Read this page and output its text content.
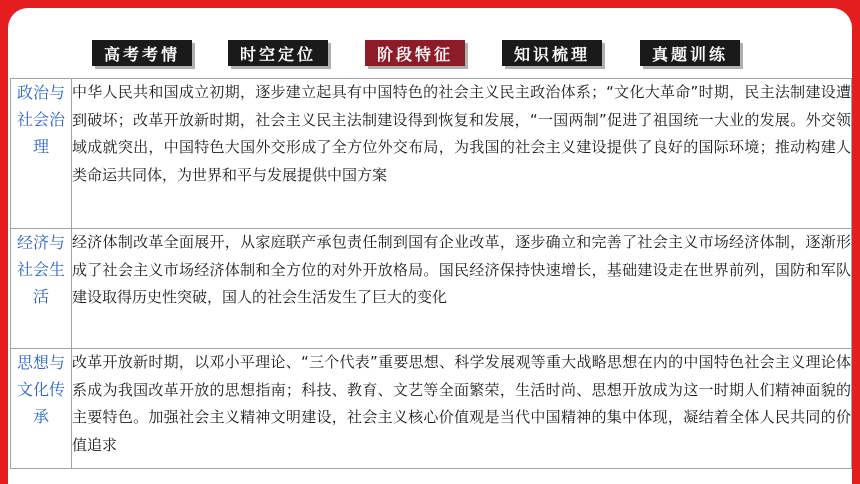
高考考情	时空定位	阶段特征	知识梳理	真题训练
政治与社会治理	中华人民共和国成立初期，逐步建立起具有中国特色的社会主义民主政治体系；“文化大革命”时期，民主法制建设遭到破坏；改革开放新时期，社会主义民主法制建设得到恢复和发展，“一国两制”促进了祖国统一大业的发展。外交领域成就突出，中国特色大国外交形成了全方位外交布局，为我国的社会主义建设提供了良好的国际环境；推动构建人类命运共同体，为世界和平与发展提供中国方案
经济与社会生活	经济体制改革全面展开，从家庭联产承包责任制到国有企业改革，逐步确立和完善了社会主义市场经济体制，逐渐形成了社会主义市场经济体制和全方位的对外开放格局。国民经济保持快速增长，基础建设走在世界前列，国防和军队建设取得历史性突破，国人的社会生活发生了巨大的变化
思想与文化传承	改革开放新时期，以邓小平理论、“三个代表”重要思想、科学发展观等重大战略思想在内的中国特色社会主义理论体系成为我国改革开放的思想指南；科技、教育、文艺等全面繁荣，生活时尚、思想开放成为这一时期人们精神面貌的主要特色。加强社会主义精神文明建设，社会主义核心价值观是当代中国精神的集中体现，凝结着全体人民共同的价值追求
